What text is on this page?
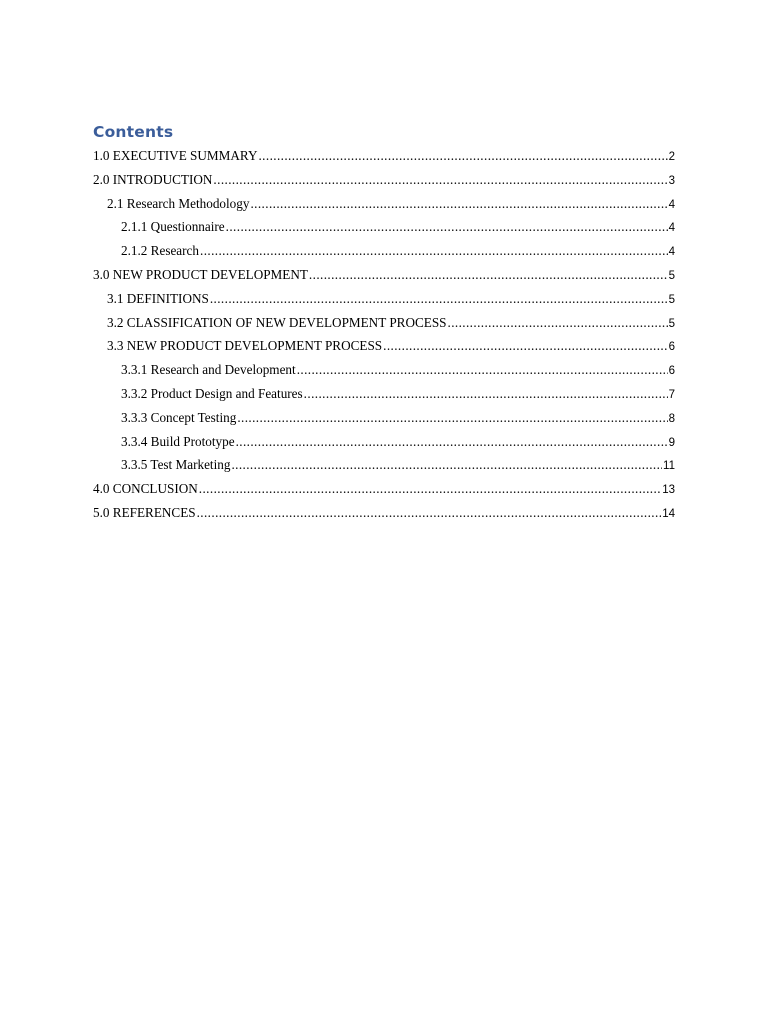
Contents
1.0 EXECUTIVE SUMMARY .....	2
2.0 INTRODUCTION .....	3
2.1 Research Methodology .....	4
2.1.1 Questionnaire .....	4
2.1.2 Research .....	4
3.0 NEW PRODUCT DEVELOPMENT .....	5
3.1 DEFINITIONS .....	5
3.2 CLASSIFICATION OF NEW DEVELOPMENT PROCESS .....	5
3.3 NEW PRODUCT DEVELOPMENT PROCESS .....	6
3.3.1 Research and Development .....	6
3.3.2 Product Design and Features .....	7
3.3.3 Concept Testing .....	8
3.3.4 Build Prototype .....	9
3.3.5 Test Marketing .....	11
4.0 CONCLUSION .....	13
5.0 REFERENCES .....	14
